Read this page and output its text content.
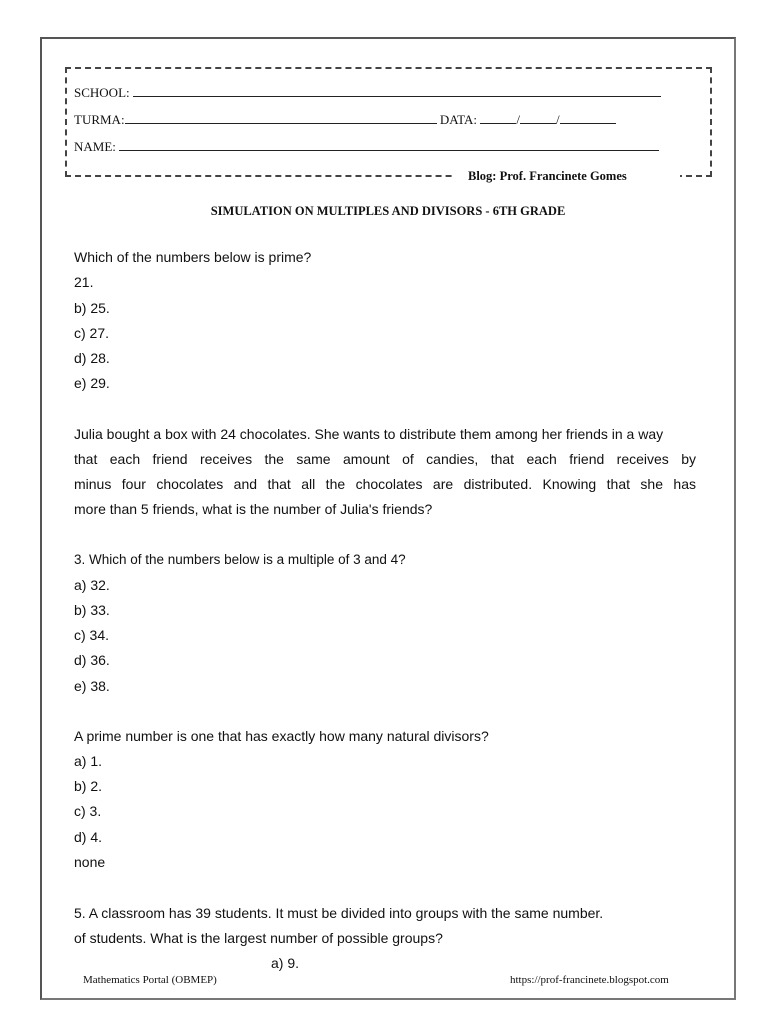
SCHOOL:
TURMA:	DATA:	/	/
NAME:
Blog: Prof. Francinete Gomes
SIMULATION ON MULTIPLES AND DIVISORS - 6TH GRADE
Which of the numbers below is prime?
21.
b) 25.
c) 27.
d) 28.
e) 29.
Julia bought a box with 24 chocolates. She wants to distribute them among her friends in a way
that each friend receives the same amount of candies, that each friend receives by
minus four chocolates and that all the chocolates are distributed. Knowing that she has
more than 5 friends, what is the number of Julia's friends?
3. Which of the numbers below is a multiple of 3 and 4?
a) 32.
b) 33.
c) 34.
d) 36.
e) 38.
A prime number is one that has exactly how many natural divisors?
a) 1.
b) 2.
c) 3.
d) 4.
none
5. A classroom has 39 students. It must be divided into groups with the same number.
of students. What is the largest number of possible groups?
a) 9.
Mathematics Portal (OBMEP)	https://prof-francinete.blogspot.com
